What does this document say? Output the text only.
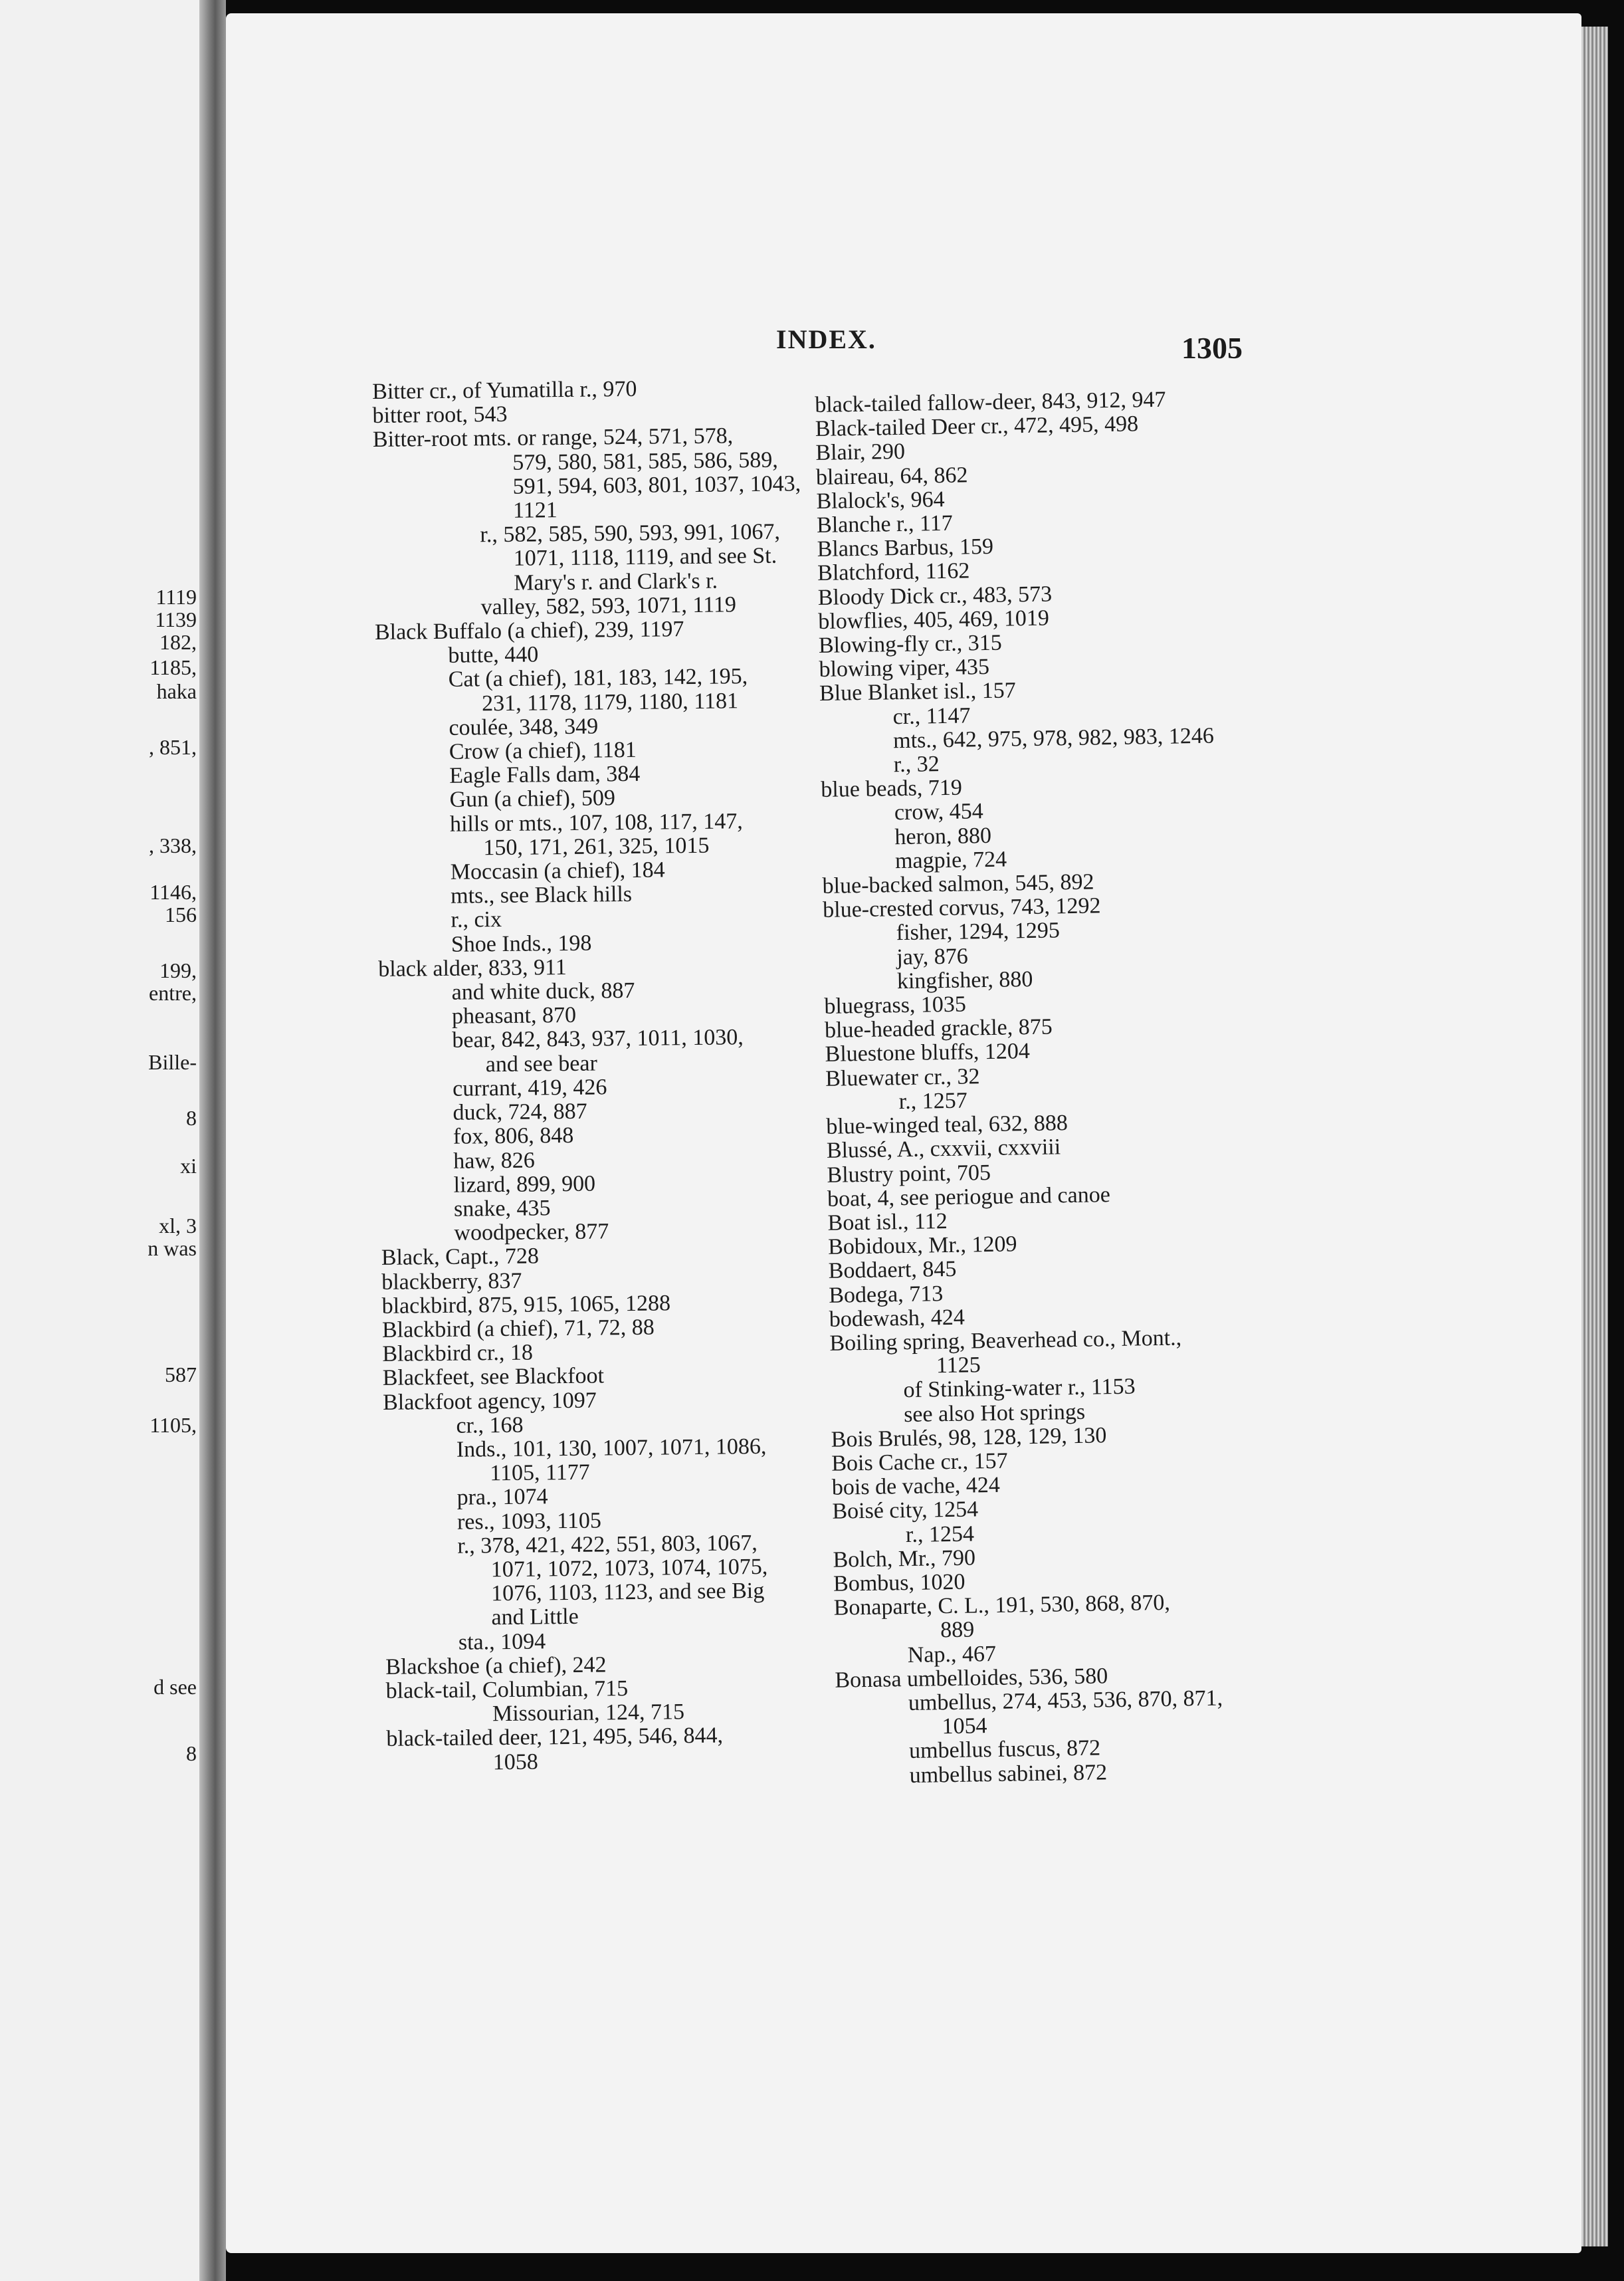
1119
1139
182,
1185,
haka
, 851,
, 338,
1146,
156
199,
entre,
Bille-
8
xi
xl, 3
n was
587
1105,
d see
8
INDEX.	1305
Bitter cr., of Yumatilla r., 970
bitter root, 543
Bitter-root mts. or range, 524, 571, 578,
579, 580, 581, 585, 586, 589,
591, 594, 603, 801, 1037, 1043,
1121
r., 582, 585, 590, 593, 991, 1067,
1071, 1118, 1119, and see St.
Mary's r. and Clark's r.
valley, 582, 593, 1071, 1119
Black Buffalo (a chief), 239, 1197
butte, 440
Cat (a chief), 181, 183, 142, 195,
231, 1178, 1179, 1180, 1181
coulée, 348, 349
Crow (a chief), 1181
Eagle Falls dam, 384
Gun (a chief), 509
hills or mts., 107, 108, 117, 147,
150, 171, 261, 325, 1015
Moccasin (a chief), 184
mts., see Black hills
r., cix
Shoe Inds., 198
black alder, 833, 911
and white duck, 887
pheasant, 870
bear, 842, 843, 937, 1011, 1030,
and see bear
currant, 419, 426
duck, 724, 887
fox, 806, 848
haw, 826
lizard, 899, 900
snake, 435
woodpecker, 877
Black, Capt., 728
blackberry, 837
blackbird, 875, 915, 1065, 1288
Blackbird (a chief), 71, 72, 88
Blackbird cr., 18
Blackfeet, see Blackfoot
Blackfoot agency, 1097
cr., 168
Inds., 101, 130, 1007, 1071, 1086,
1105, 1177
pra., 1074
res., 1093, 1105
r., 378, 421, 422, 551, 803, 1067,
1071, 1072, 1073, 1074, 1075,
1076, 1103, 1123, and see Big
and Little
sta., 1094
Blackshoe (a chief), 242
black-tail, Columbian, 715
Missourian, 124, 715
black-tailed deer, 121, 495, 546, 844,
1058
black-tailed fallow-deer, 843, 912, 947
Black-tailed Deer cr., 472, 495, 498
Blair, 290
blaireau, 64, 862
Blalock's, 964
Blanche r., 117
Blancs Barbus, 159
Blatchford, 1162
Bloody Dick cr., 483, 573
blowflies, 405, 469, 1019
Blowing-fly cr., 315
blowing viper, 435
Blue Blanket isl., 157
cr., 1147
mts., 642, 975, 978, 982, 983, 1246
r., 32
blue beads, 719
crow, 454
heron, 880
magpie, 724
blue-backed salmon, 545, 892
blue-crested corvus, 743, 1292
fisher, 1294, 1295
jay, 876
kingfisher, 880
bluegrass, 1035
blue-headed grackle, 875
Bluestone bluffs, 1204
Bluewater cr., 32
r., 1257
blue-winged teal, 632, 888
Blussé, A., cxxvii, cxxviii
Blustry point, 705
boat, 4, see periogue and canoe
Boat isl., 112
Bobidoux, Mr., 1209
Boddaert, 845
Bodega, 713
bodewash, 424
Boiling spring, Beaverhead co., Mont.,
1125
of Stinking-water r., 1153
see also Hot springs
Bois Brulés, 98, 128, 129, 130
Bois Cache cr., 157
bois de vache, 424
Boisé city, 1254
r., 1254
Bolch, Mr., 790
Bombus, 1020
Bonaparte, C. L., 191, 530, 868, 870,
889
Nap., 467
Bonasa umbelloides, 536, 580
umbellus, 274, 453, 536, 870, 871,
1054
umbellus fuscus, 872
umbellus sabinei, 872
